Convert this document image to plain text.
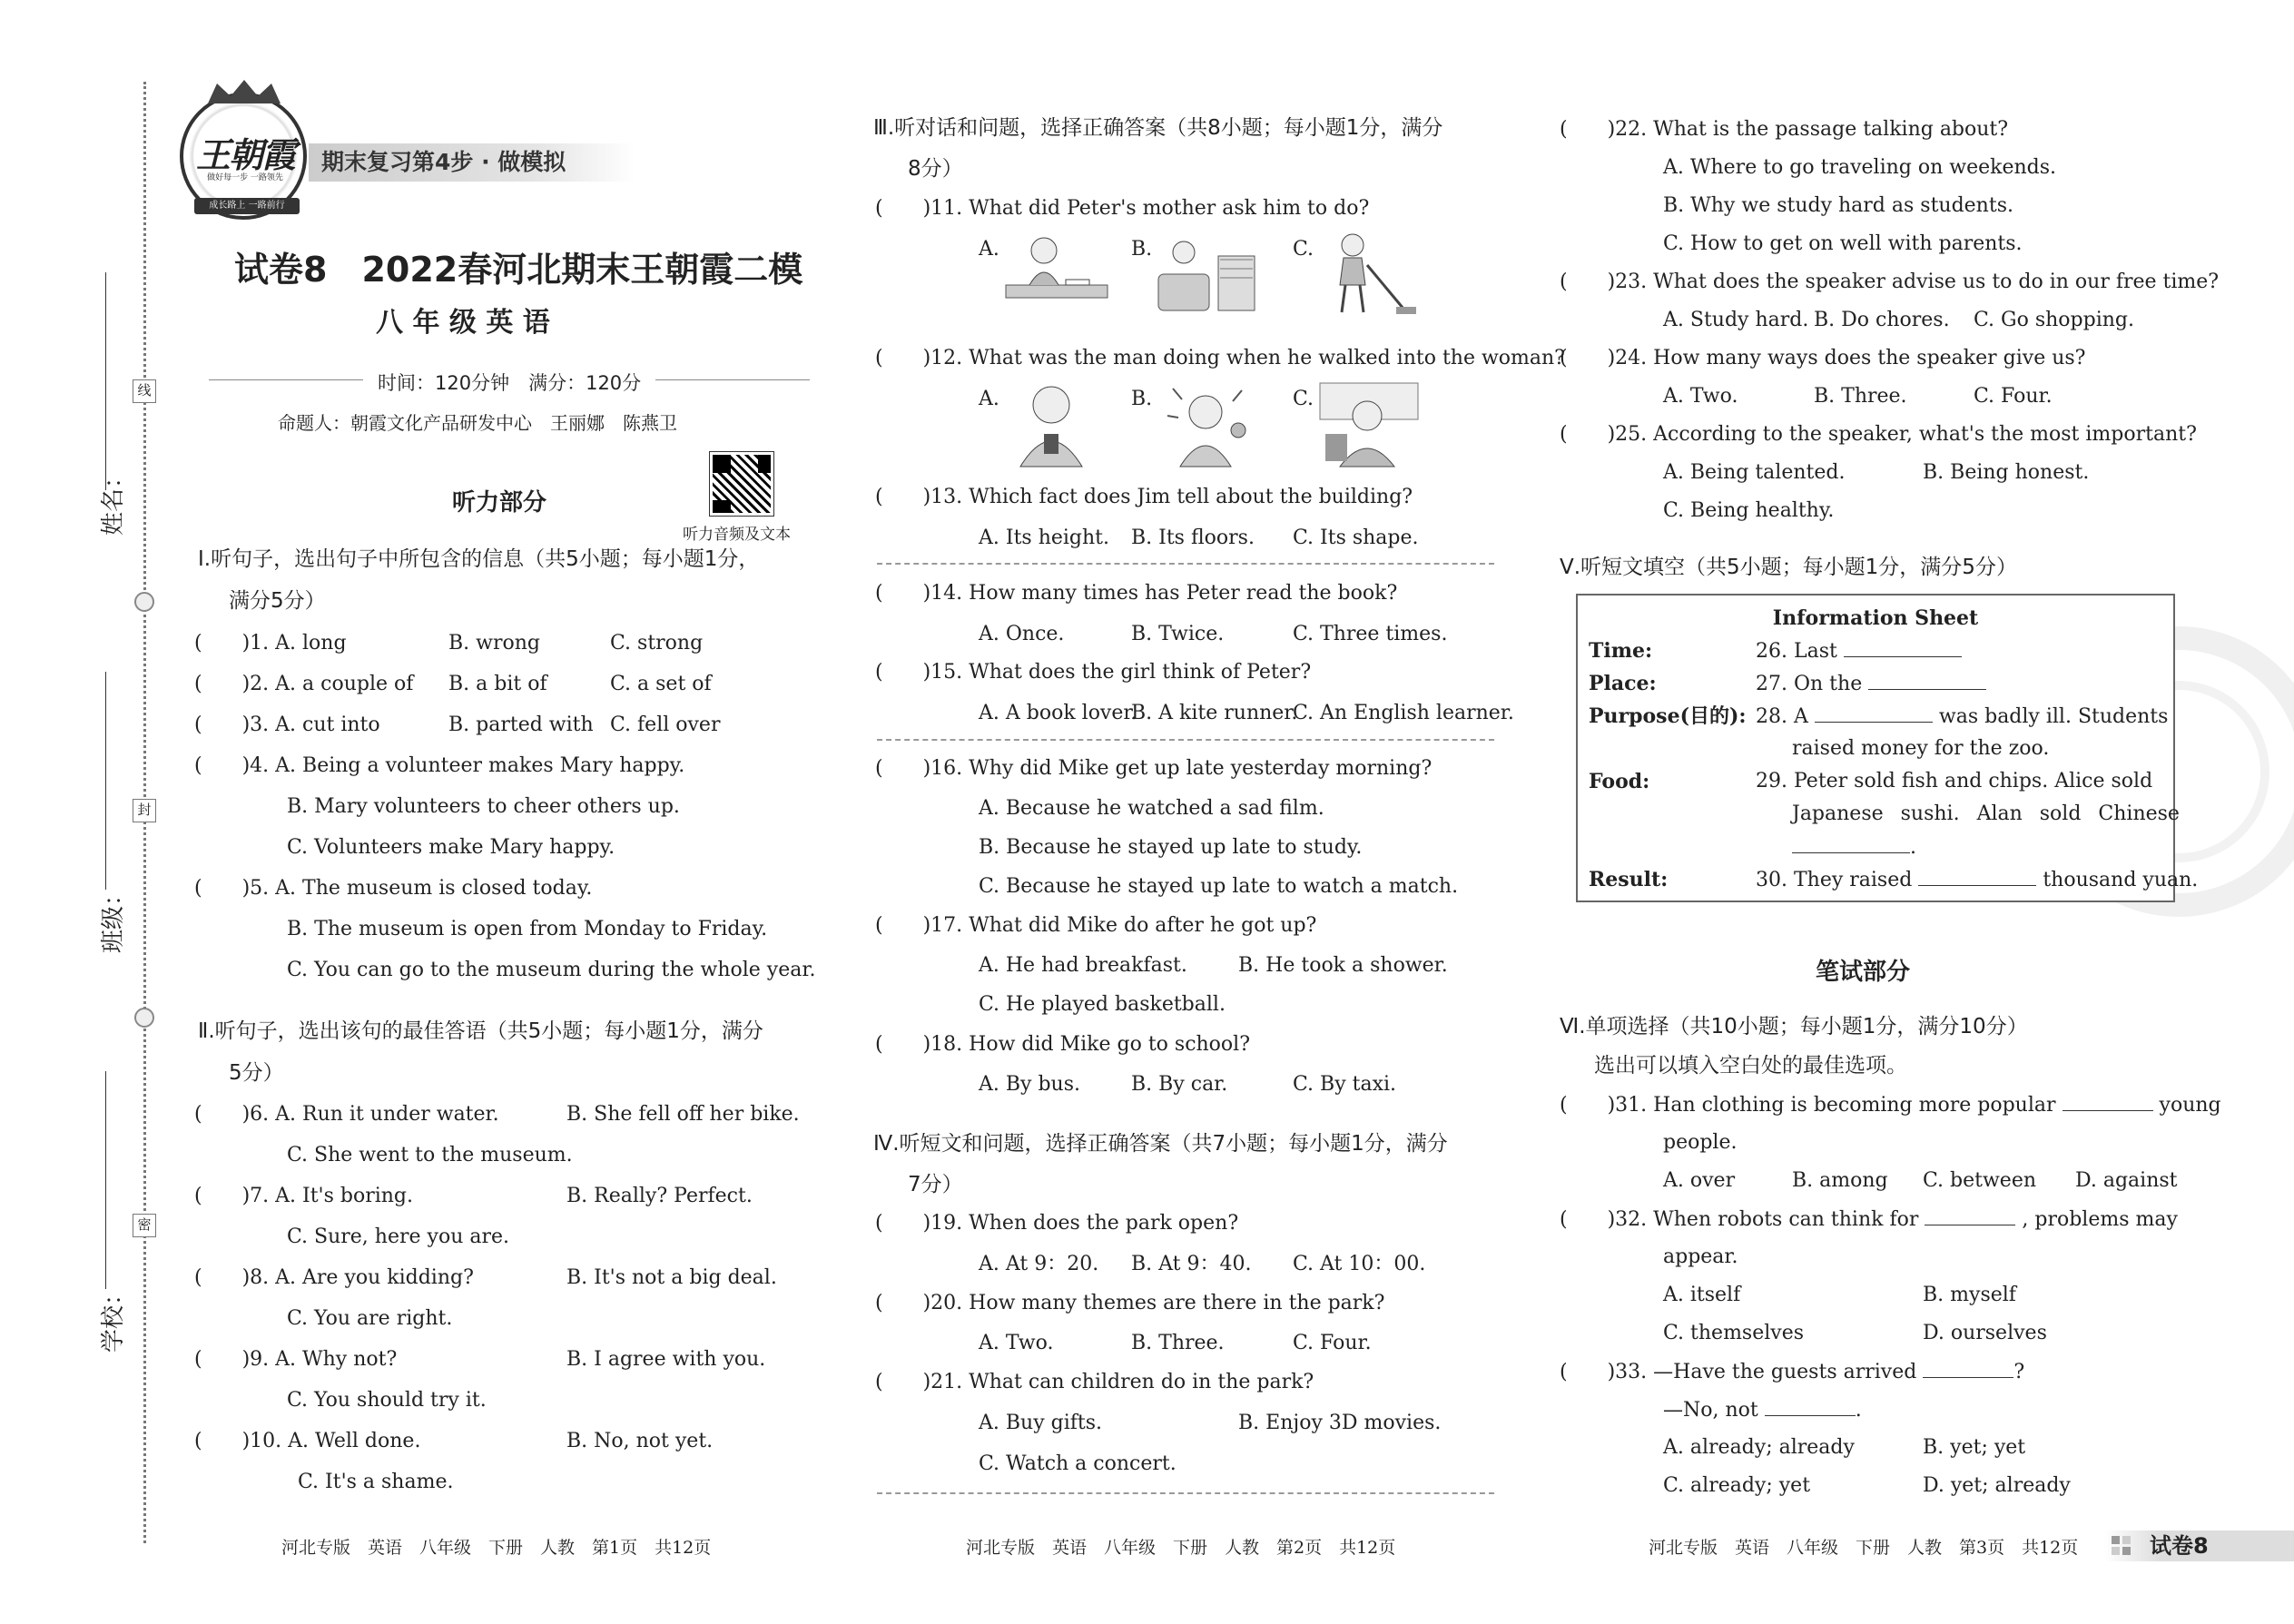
线
封
密
姓名：
班级：
学校：
王朝霞
做好每一步 一路领先
成长路上 一路前行
期末复习第4步 · 做模拟
试卷8　2022春河北期末王朝霞二模
八 年 级 英 语
时间：120分钟　满分：120分
命题人：朝霞文化产品研发中心　王丽娜　陈燕卫
听力部分
听力音频及文本
Ⅰ.听句子，选出句子中所包含的信息（共5小题；每小题1分，
满分5分）
(　　)1. A. long	B. wrong	C. strong
(　　)2. A. a couple of B. a bit of	C. a set of
(　　)3. A. cut into	B. parted with C. fell over
(　　)4. A. Being a volunteer makes Mary happy.
B. Mary volunteers to cheer others up.
C. Volunteers make Mary happy.
(　　)5. A. The museum is closed today.
B. The museum is open from Monday to Friday.
C. You can go to the museum during the whole year.
Ⅱ.听句子，选出该句的最佳答语（共5小题；每小题1分，满分
5分）
(　　)6. A. Run it under water.	B. She fell off her bike.
C. She went to the museum.
(　　)7. A. It's boring.	B. Really? Perfect.
C. Sure, here you are.
(　　)8. A. Are you kidding?	B. It's not a big deal.
C. You are right.
(　　)9. A. Why not?	B. I agree with you.
C. You should try it.
(　　)10. A. Well done.	B. No, not yet.
C. It's a shame.
河北专版　英语　八年级　下册　人教　第1页　共12页
Ⅲ.听对话和问题，选择正确答案（共8小题；每小题1分，满分
8分）
(　　)11. What did Peter's mother ask him to do?
A.	B.	C.
(　　)12. What was the man doing when he walked into the woman?
A.	B.	C.
(　　)13. Which fact does Jim tell about the building?
A. Its height. B. Its floors. C. Its shape.
(　　)14. How many times has Peter read the book?
A. Once.	B. Twice.	C. Three times.
(　　)15. What does the girl think of Peter?
A. A book lover.
B. A kite runner.
C. An English learner.
(　　)16. Why did Mike get up late yesterday morning?
A. Because he watched a sad film.
B. Because he stayed up late to study.
C. Because he stayed up late to watch a match.
(　　)17. What did Mike do after he got up?
A. He had breakfast.	B. He took a shower.
C. He played basketball.
(　　)18. How did Mike go to school?
A. By bus.	B. By car.	C. By taxi.
Ⅳ.听短文和问题，选择正确答案（共7小题；每小题1分，满分
7分）
(　　)19. When does the park open?
A. At 9：20. B. At 9：40. C. At 10：00.
(　　)20. How many themes are there in the park?
A. Two.	B. Three.	C. Four.
(　　)21. What can children do in the park?
A. Buy gifts.	B. Enjoy 3D movies.
C. Watch a concert.
河北专版　英语　八年级　下册　人教　第2页　共12页
(　　)22. What is the passage talking about?
A. Where to go traveling on weekends.
B. Why we study hard as students.
C. How to get on well with parents.
(　　)23. What does the speaker advise us to do in our free time?
A. Study hard. B. Do chores. C. Go shopping.
(　　)24. How many ways does the speaker give us?
A. Two.	B. Three.	C. Four.
(　　)25. According to the speaker, what's the most important?
A. Being talented.	B. Being honest.
C. Being healthy.
Ⅴ.听短文填空（共5小题；每小题1分，满分5分）
Information Sheet
Time:	26. Last
Place:	27. On the
Purpose(目的): 28. A	was badly ill. Students
raised money for the zoo.
Food:	29. Peter sold fish and chips. Alice sold
Japanese sushi. Alan sold Chinese
.
Result:	30. They raised	thousand yuan.
笔试部分
Ⅵ.单项选择（共10小题；每小题1分，满分10分）
选出可以填入空白处的最佳选项。
(　　)31. Han clothing is becoming more popular	young
people.
A. over	B. among C. between D. against
(　　)32. When robots can think for	, problems may
appear.
A. itself	B. myself
C. themselves	D. ourselves
(　　)33. —Have the guests arrived	?
—No, not	.
A. already; already	B. yet; yet
C. already; yet	D. yet; already
河北专版　英语　八年级　下册　人教　第3页　共12页	试卷8
